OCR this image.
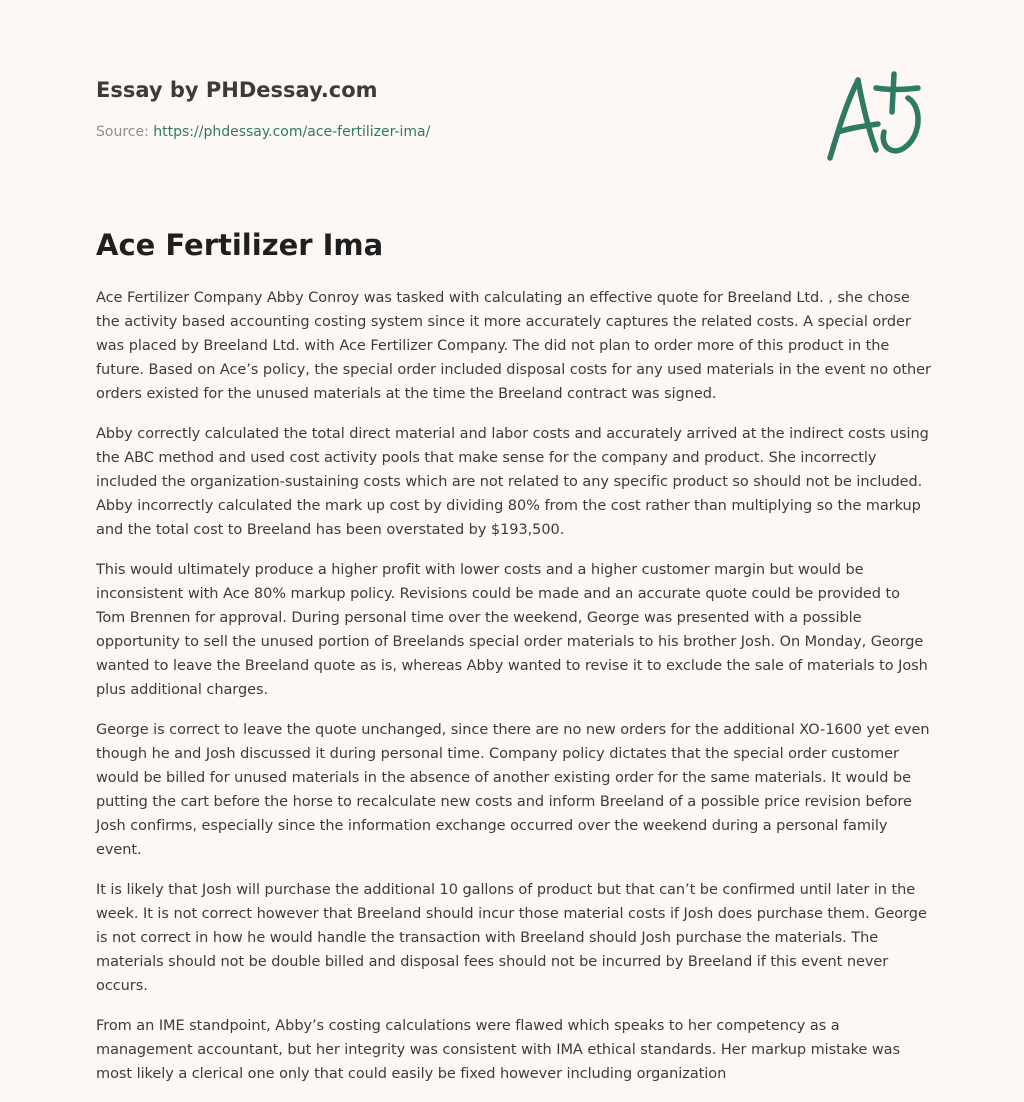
Essay by PHDessay.com
Source: https://phdessay.com/ace-fertilizer-ima/
Ace Fertilizer Ima

Ace Fertilizer Company Abby Conroy was tasked with calculating an effective quote for Breeland Ltd. , she chose the activity based accounting costing system since it more accurately captures the related costs. A special order was placed by Breeland Ltd. with Ace Fertilizer Company. The did not plan to order more of this product in the future. Based on Ace’s policy, the special order included disposal costs for any used materials in the event no other orders existed for the unused materials at the time the Breeland contract was signed.

Abby correctly calculated the total direct material and labor costs and accurately arrived at the indirect costs using the ABC method and used cost activity pools that make sense for the company and product. She incorrectly included the organization-sustaining costs which are not related to any specific product so should not be included. Abby incorrectly calculated the mark up cost by dividing 80% from the cost rather than multiplying so the markup and the total cost to Breeland has been overstated by $193,500.

This would ultimately produce a higher profit with lower costs and a higher customer margin but would be inconsistent with Ace 80% markup policy. Revisions could be made and an accurate quote could be provided to Tom Brennen for approval. During personal time over the weekend, George was presented with a possible opportunity to sell the unused portion of Breelands special order materials to his brother Josh. On Monday, George wanted to leave the Breeland quote as is, whereas Abby wanted to revise it to exclude the sale of materials to Josh plus additional charges.

George is correct to leave the quote unchanged, since there are no new orders for the additional XO-1600 yet even though he and Josh discussed it during personal time. Company policy dictates that the special order customer would be billed for unused materials in the absence of another existing order for the same materials. It would be putting the cart before the horse to recalculate new costs and inform Breeland of a possible price revision before Josh confirms, especially since the information exchange occurred over the weekend during a personal family event.

It is likely that Josh will purchase the additional 10 gallons of product but that can’t be confirmed until later in the week. It is not correct however that Breeland should incur those material costs if Josh does purchase them. George is not correct in how he would handle the transaction with Breeland should Josh purchase the materials. The materials should not be double billed and disposal fees should not be incurred by Breeland if this event never occurs.

From an IME standpoint, Abby’s costing calculations were flawed which speaks to her competency as a management accountant, but her integrity was consistent with IMA ethical standards. Her markup mistake was most likely a clerical one only that could easily be fixed however including organization
